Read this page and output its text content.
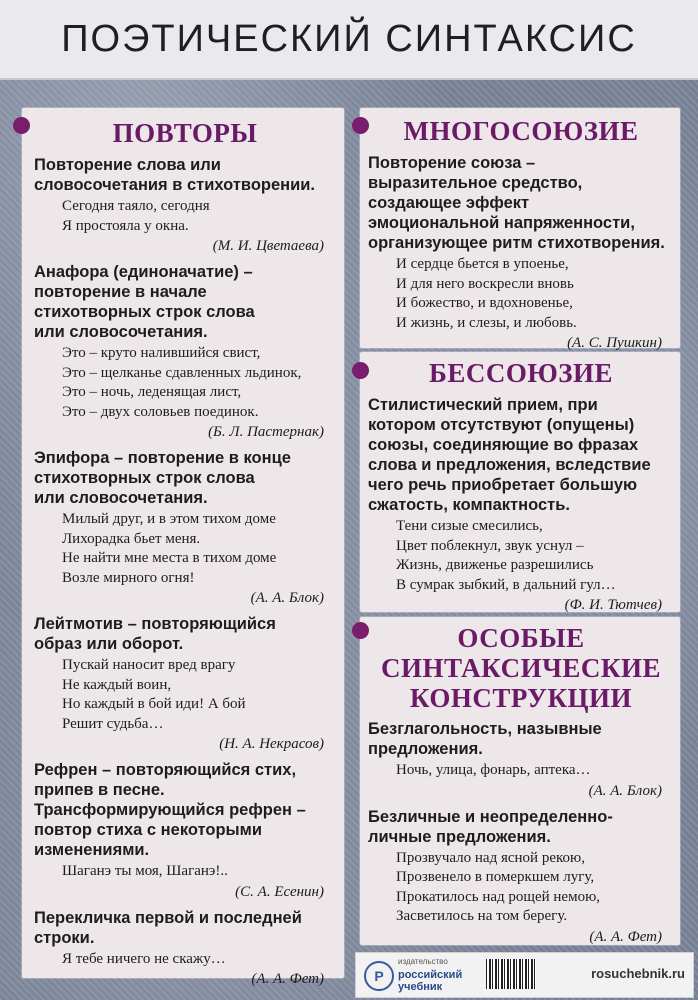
ПОЭТИЧЕСКИЙ СИНТАКСИС
ПОВТОРЫ
Повторение слова или
словосочетания в стихотворении.
Сегодня таяло, сегодня
Я простояла у окна.
(М. И. Цветаева)
Анафора (единоначатие) –
повторение в начале
стихотворных строк слова
или словосочетания.
Это – круто налившийся свист,
Это – щелканье сдавленных льдинок,
Это – ночь, леденящая лист,
Это – двух соловьев поединок.
(Б. Л. Пастернак)
Эпифора – повторение в конце
стихотворных строк слова
или словосочетания.
Милый друг, и в этом тихом доме
Лихорадка бьет меня.
Не найти мне места в тихом доме
Возле мирного огня!
(А. А. Блок)
Лейтмотив – повторяющийся
образ или оборот.
Пускай наносит вред врагу
Не каждый воин,
Но каждый в бой иди! А бой
Решит судьба…
(Н. А. Некрасов)
Рефрен – повторяющийся стих,
припев в песне.
Трансформирующийся рефрен –
повтор стиха с некоторыми
изменениями.
Шаганэ ты моя, Шаганэ!..
(С. А. Есенин)
Перекличка первой и последней
строки.
Я тебе ничего не скажу…
(А. А. Фет)
МНОГОСОЮЗИЕ
Повторение союза –
выразительное средство,
создающее эффект
эмоциональной напряженности,
организующее ритм стихотворения.
И сердце бьется в упоенье,
И для него воскресли вновь
И божество, и вдохновенье,
И жизнь, и слезы, и любовь.
(А. С. Пушкин)
БЕССОЮЗИЕ
Стилистический прием, при
котором отсутствуют (опущены)
союзы, соединяющие во фразах
слова и предложения, вследствие
чего речь приобретает большую
сжатость, компактность.
Тени сизые смесились,
Цвет поблекнул, звук уснул –
Жизнь, движенье разрешились
В сумрак зыбкий, в дальний гул…
(Ф. И. Тютчев)
ОСОБЫЕ
СИНТАКСИЧЕСКИЕ
КОНСТРУКЦИИ
Безглагольность, назывные
предложения.
Ночь, улица, фонарь, аптека…
(А. А. Блок)
Безличные и неопределенно-
личные предложения.
Прозвучало над ясной рекою,
Прозвенело в померкшем лугу,
Прокатилось над рощей немою,
Засветилось на том берегу.
(А. А. Фет)
Р
издательство
российский учебник
rosuchebnik.ru
